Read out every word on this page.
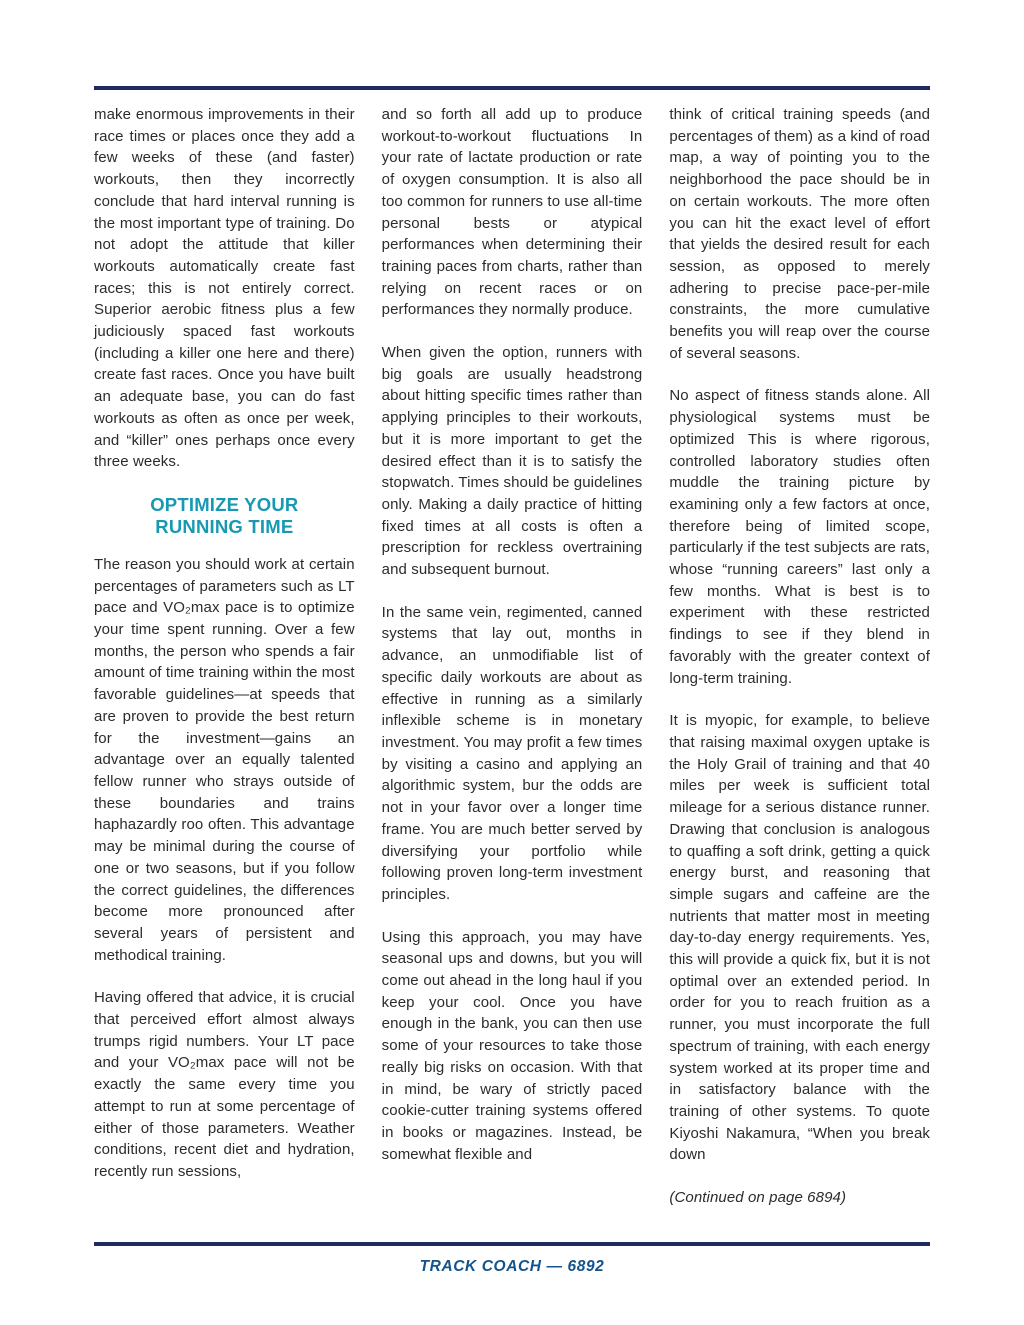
make enormous improvements in their race times or places once they add a few weeks of these (and faster) workouts, then they incorrectly conclude that hard interval running is the most important type of training. Do not adopt the attitude that killer workouts automatically create fast races; this is not entirely correct. Superior aerobic fitness plus a few judiciously spaced fast workouts (including a killer one here and there) create fast races. Once you have built an adequate base, you can do fast workouts as often as once per week, and “killer” ones perhaps once every three weeks.

OPTIMIZE YOUR
RUNNING TIME

The reason you should work at certain percentages of parameters such as LT pace and VO₂max pace is to optimize your time spent running. Over a few months, the person who spends a fair amount of time training within the most favorable guidelines—at speeds that are proven to provide the best return for the investment—gains an advantage over an equally talented fellow runner who strays outside of these boundaries and trains haphazardly roo often. This advantage may be minimal during the course of one or two seasons, but if you follow the correct guidelines, the differences become more pronounced after several years of persistent and methodical training.

Having offered that advice, it is crucial that perceived effort almost always trumps rigid numbers. Your LT pace and your VO₂max pace will not be exactly the same every time you attempt to run at some percentage of either of those parameters. Weather conditions, recent diet and hydration, recently run sessions,

and so forth all add up to produce workout-to-workout fluctuations In your rate of lactate production or rate of oxygen consumption. It is also all too common for runners to use all-time personal bests or atypical performances when determining their training paces from charts, rather than relying on recent races or on performances they normally produce.

When given the option, runners with big goals are usually headstrong about hitting specific times rather than applying principles to their workouts, but it is more important to get the desired effect than it is to satisfy the stopwatch. Times should be guidelines only. Making a daily practice of hitting fixed times at all costs is often a prescription for reckless overtraining and subsequent burnout.

In the same vein, regimented, canned systems that lay out, months in advance, an unmodifiable list of specific daily workouts are about as effective in running as a similarly inflexible scheme is in monetary investment. You may profit a few times by visiting a casino and applying an algorithmic system, bur the odds are not in your favor over a longer time frame. You are much better served by diversifying your portfolio while following proven long-term investment principles.

Using this approach, you may have seasonal ups and downs, but you will come out ahead in the long haul if you keep your cool. Once you have enough in the bank, you can then use some of your resources to take those really big risks on occasion. With that in mind, be wary of strictly paced cookie-cutter training systems offered in books or magazines. Instead, be somewhat flexible and

think of critical training speeds (and percentages of them) as a kind of road map, a way of pointing you to the neighborhood the pace should be in on certain workouts. The more often you can hit the exact level of effort that yields the desired result for each session, as opposed to merely adhering to precise pace-per-mile constraints, the more cumulative benefits you will reap over the course of several seasons.

No aspect of fitness stands alone. All physiological systems must be optimized This is where rigorous, controlled laboratory studies often muddle the training picture by examining only a few factors at once, therefore being of limited scope, particularly if the test subjects are rats, whose “running careers” last only a few months. What is best is to experiment with these restricted findings to see if they blend in favorably with the greater context of long-term training.

It is myopic, for example, to believe that raising maximal oxygen uptake is the Holy Grail of training and that 40 miles per week is sufficient total mileage for a serious distance runner. Drawing that conclusion is analogous to quaffing a soft drink, getting a quick energy burst, and reasoning that simple sugars and caffeine are the nutrients that matter most in meeting day-to-day energy requirements. Yes, this will provide a quick fix, but it is not optimal over an extended period. In order for you to reach fruition as a runner, you must incorporate the full spectrum of training, with each energy system worked at its proper time and in satisfactory balance with the training of other systems. To quote Kiyoshi Nakamura, “When you break down

(Continued on page 6894)

TRACK COACH — 6892
